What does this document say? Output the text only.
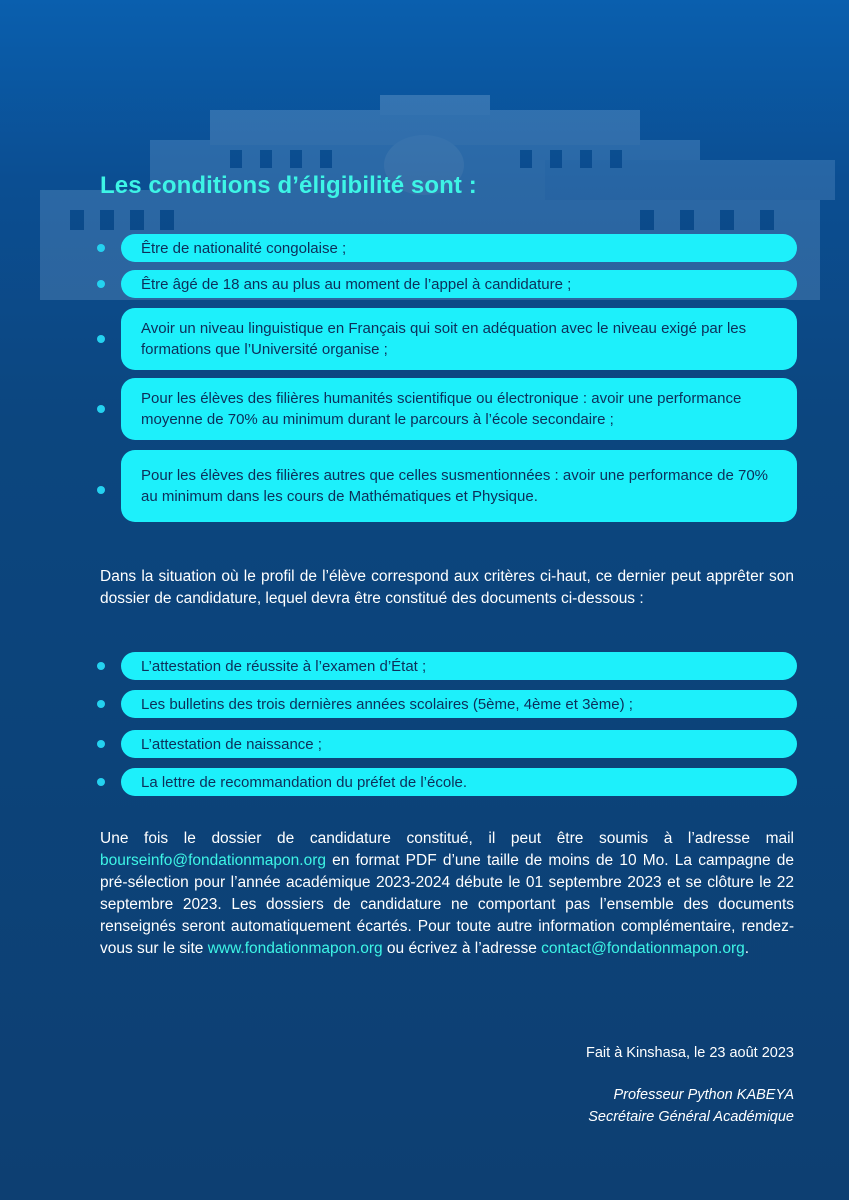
Les conditions d’éligibilité sont :
Être de nationalité congolaise ;
Être âgé de 18 ans au plus au moment de l’appel à candidature ;
Avoir un niveau linguistique en Français qui soit en adéquation avec le niveau exigé par les formations que l’Université organise ;
Pour les élèves des filières humanités scientifique ou électronique : avoir une performance moyenne de 70% au minimum durant le parcours à l’école secondaire ;
Pour les élèves des filières autres que celles susmentionnées : avoir une performance de 70% au minimum dans les cours de Mathématiques et Physique.
Dans la situation où le profil de l’élève correspond aux critères ci-haut, ce dernier peut apprêter son dossier de candidature, lequel devra être constitué des documents ci-dessous :
L’attestation de réussite à l’examen d’État ;
Les bulletins des trois dernières années scolaires (5ème, 4ème et 3ème) ;
L’attestation de naissance ;
La lettre de recommandation du préfet de l’école.
Une fois le dossier de candidature constitué, il peut être soumis à l’adresse mail bourseinfo@fondationmapon.org en format PDF d’une taille de moins de 10 Mo. La campagne de pré-sélection pour l’année académique 2023-2024 débute le 01 septembre 2023 et se clôture le 22 septembre 2023. Les dossiers de candidature ne comportant pas l’ensemble des documents renseignés seront automatiquement écartés. Pour toute autre information complémentaire, rendez-vous sur le site www.fondationmapon.org ou écrivez à l’adresse contact@fondationmapon.org.
Fait à Kinshasa, le 23 août 2023
Professeur Python KABEYA
Secrétaire Général Académique
